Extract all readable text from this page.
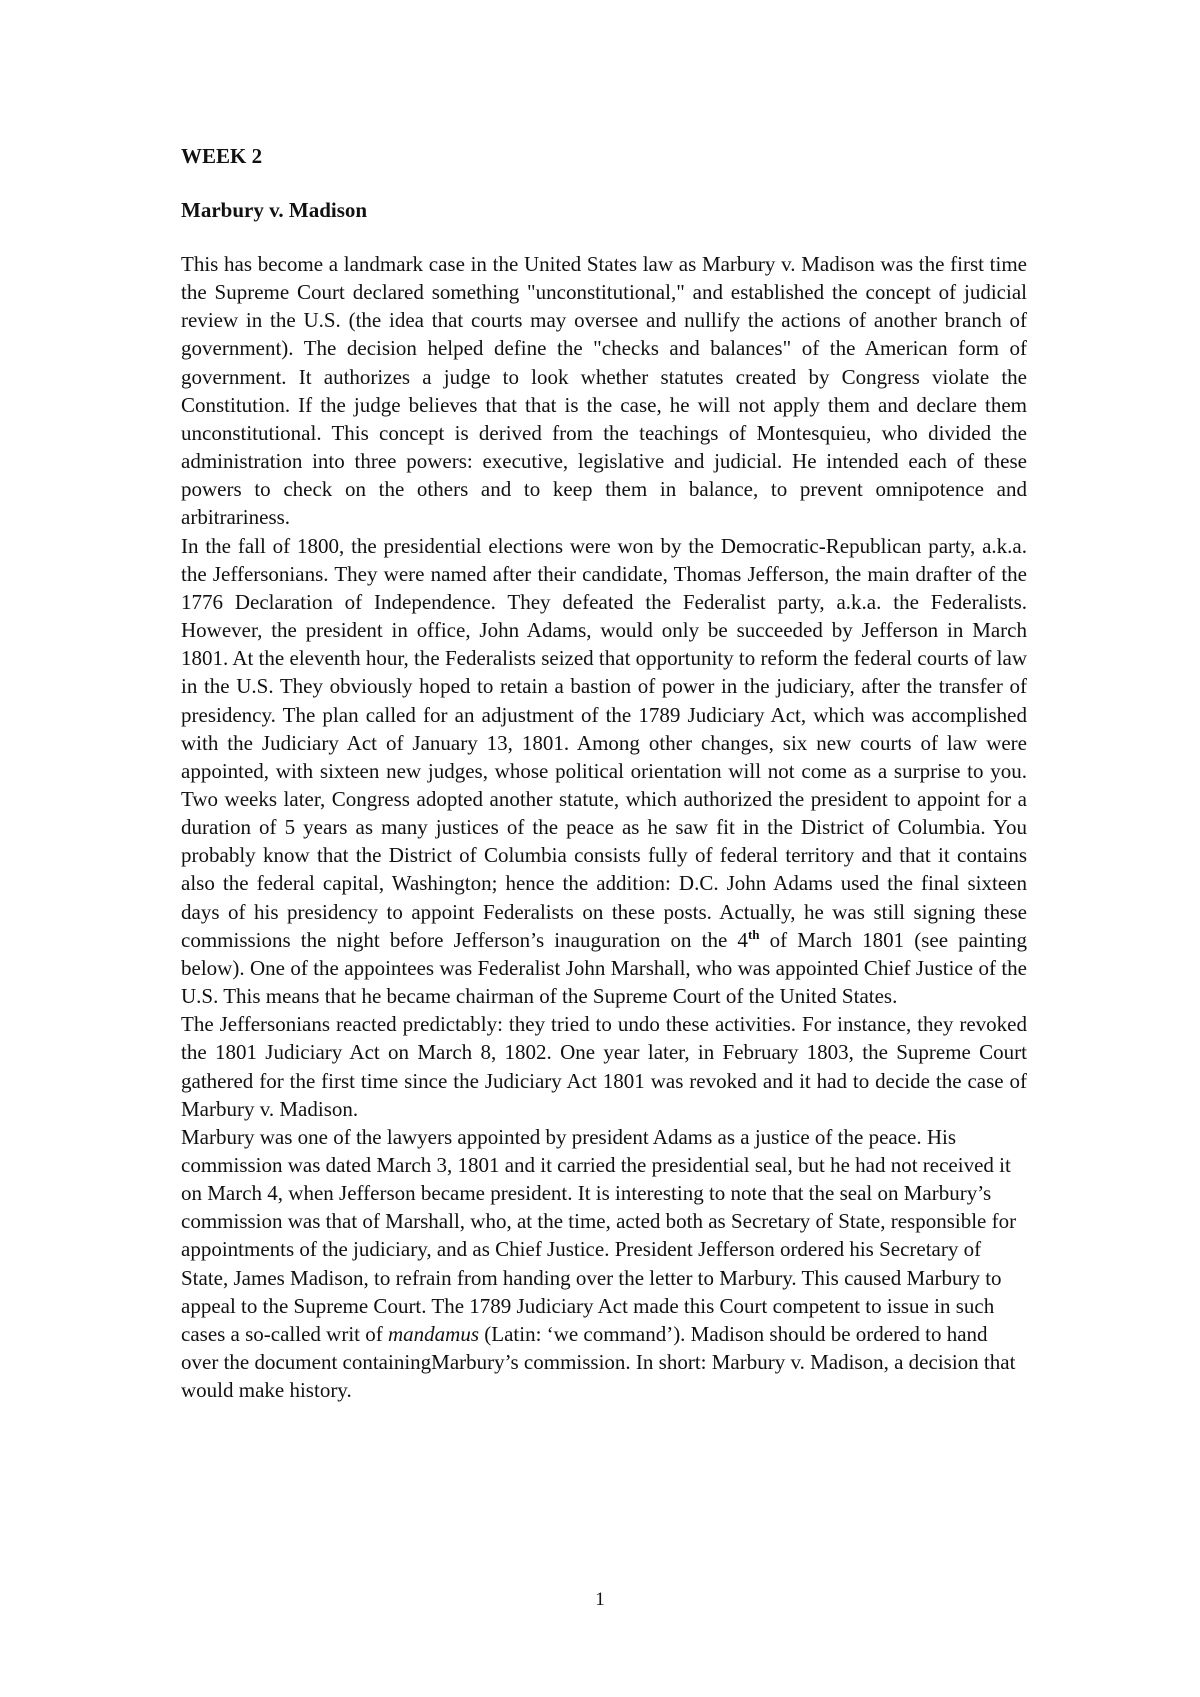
WEEK 2
Marbury v. Madison

This has become a landmark case in the United States law as Marbury v. Madison was the first time the Supreme Court declared something "unconstitutional," and established the concept of judicial review in the U.S. (the idea that courts may oversee and nullify the actions of another branch of government). The decision helped define the "checks and balances" of the American form of government. It authorizes a judge to look whether statutes created by Congress violate the Constitution. If the judge believes that that is the case, he will not apply them and declare them unconstitutional. This concept is derived from the teachings of Montesquieu, who divided the administration into three powers: executive, legislative and judicial. He intended each of these powers to check on the others and to keep them in balance, to prevent omnipotence and arbitrariness.

In the fall of 1800, the presidential elections were won by the Democratic-Republican party, a.k.a. the Jeffersonians. They were named after their candidate, Thomas Jefferson, the main drafter of the 1776 Declaration of Independence. They defeated the Federalist party, a.k.a. the Federalists. However, the president in office, John Adams, would only be succeeded by Jefferson in March 1801. At the eleventh hour, the Federalists seized that opportunity to reform the federal courts of law in the U.S. They obviously hoped to retain a bastion of power in the judiciary, after the transfer of presidency. The plan called for an adjustment of the 1789 Judiciary Act, which was accomplished with the Judiciary Act of January 13, 1801. Among other changes, six new courts of law were appointed, with sixteen new judges, whose political orientation will not come as a surprise to you. Two weeks later, Congress adopted another statute, which authorized the president to appoint for a duration of 5 years as many justices of the peace as he saw fit in the District of Columbia. You probably know that the District of Columbia consists fully of federal territory and that it contains also the federal capital, Washington; hence the addition: D.C. John Adams used the final sixteen days of his presidency to appoint Federalists on these posts. Actually, he was still signing these commissions the night before Jefferson’s inauguration on the 4th of March 1801 (see painting below). One of the appointees was Federalist John Marshall, who was appointed Chief Justice of the U.S. This means that he became chairman of the Supreme Court of the United States.

The Jeffersonians reacted predictably: they tried to undo these activities. For instance, they revoked the 1801 Judiciary Act on March 8, 1802. One year later, in February 1803, the Supreme Court gathered for the first time since the Judiciary Act 1801 was revoked and it had to decide the case of Marbury v. Madison.

Marbury was one of the lawyers appointed by president Adams as a justice of the peace. His commission was dated March 3, 1801 and it carried the presidential seal, but he had not received it on March 4, when Jefferson became president. It is interesting to note that the seal on Marbury’s commission was that of Marshall, who, at the time, acted both as Secretary of State, responsible for appointments of the judiciary, and as Chief Justice. President Jefferson ordered his Secretary of State, James Madison, to refrain from handing over the letter to Marbury. This caused Marbury to appeal to the Supreme Court. The 1789 Judiciary Act made this Court competent to issue in such cases a so-called writ of mandamus (Latin: ‘we command’). Madison should be ordered to hand over the document containingMarbury’s commission. In short: Marbury v. Madison, a decision that would make history.

1
